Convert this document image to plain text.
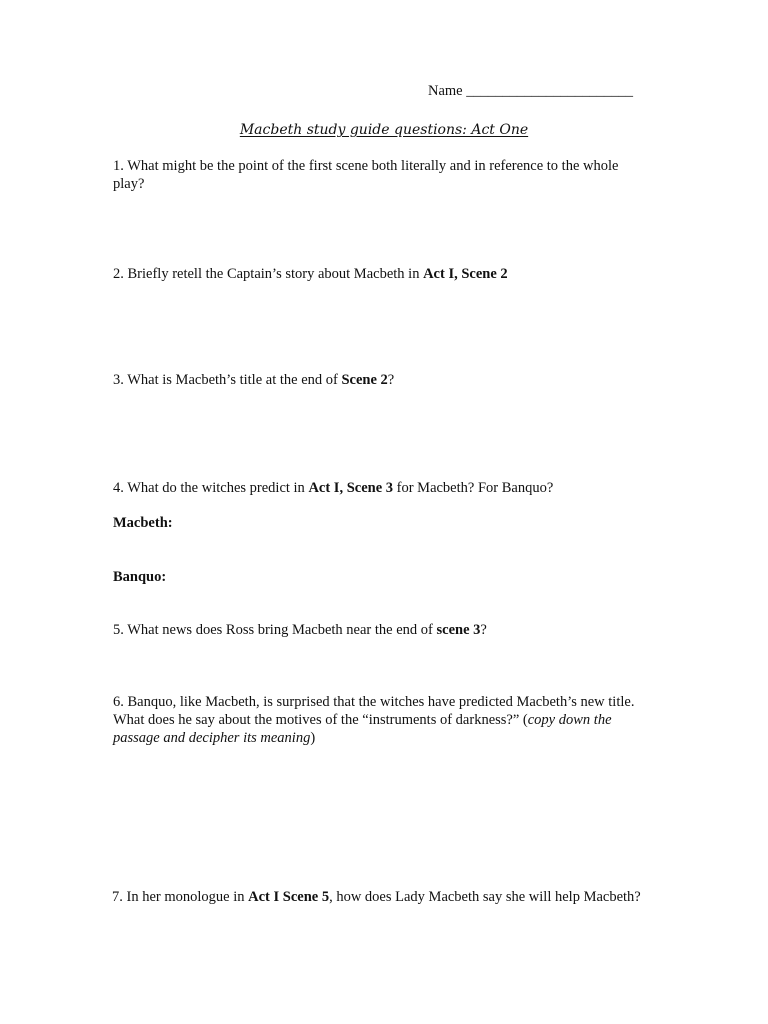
Name _______________________
Macbeth study guide questions: Act One
1. What might be the point of the first scene both literally and in reference to the whole play?
2. Briefly retell the Captain’s story about Macbeth in Act I, Scene 2
3. What is Macbeth’s title at the end of Scene 2?
4. What do the witches predict in Act I, Scene 3 for Macbeth? For Banquo?
Macbeth:
Banquo:
5. What news does Ross bring Macbeth near the end of scene 3?
6. Banquo, like Macbeth, is surprised that the witches have predicted Macbeth’s new title. What does he say about the motives of the “instruments of darkness?” (copy down the passage and decipher its meaning)
7. In her monologue in Act I Scene 5, how does Lady Macbeth say she will help Macbeth?
